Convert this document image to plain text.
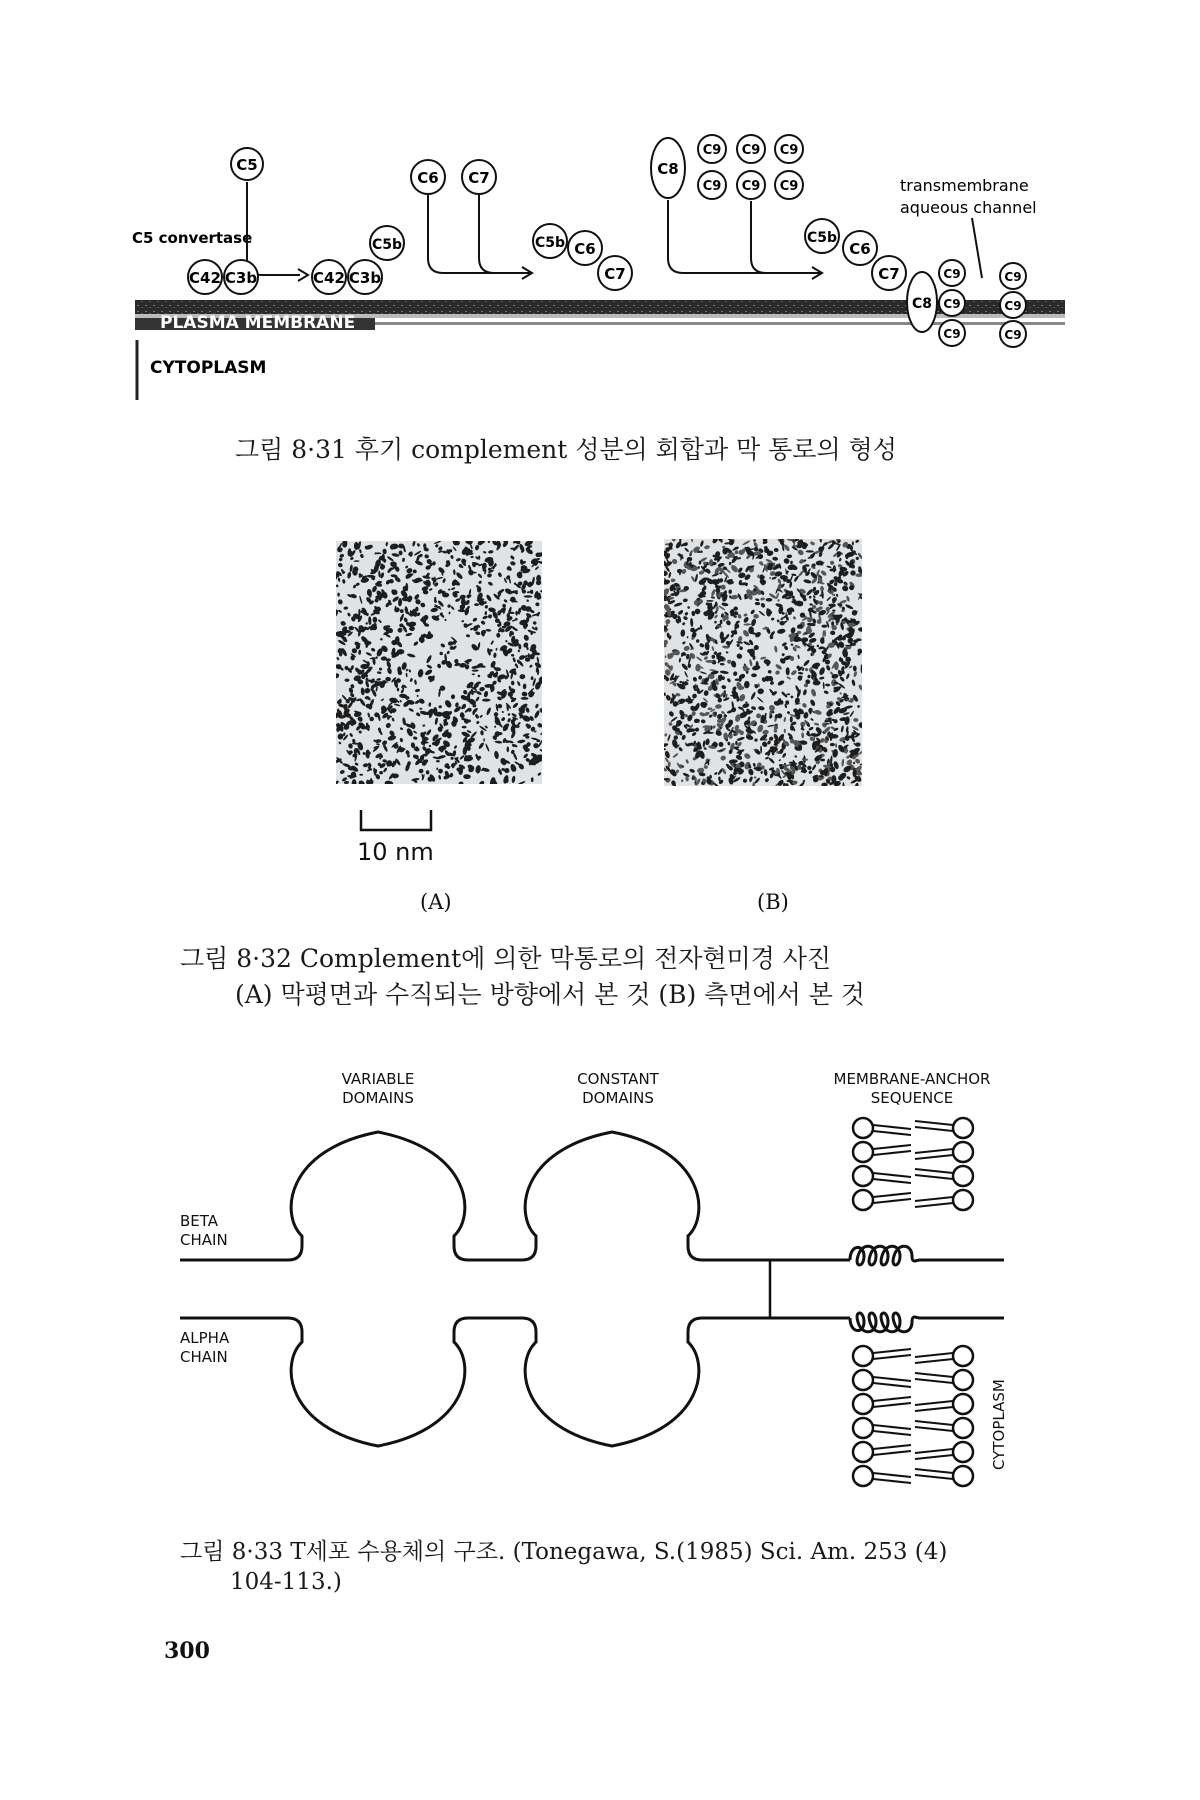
PLASMA MEMBRANE
CYTOPLASM
C5
C5 convertase
C42 C3b	C42 C3b
C5b
C6 C7
C5b C6
C7
C8
C9 C9 C9
C9 C9 C9
C5b
C6
C7
C8
C9
C9
C9
C9
C9
C9
transmembrane
aqueous channel
그림 8·31 후기 complement 성분의 회합과 막 통로의 형성
10 nm
(A)	(B)
그림 8·32 Complement에 의한 막통로의 전자현미경 사진
(A) 막평면과 수직되는 방향에서 본 것 (B) 측면에서 본 것
VARIABLE
DOMAINS
CONSTANT
DOMAINS
MEMBRANE-ANCHOR
SEQUENCE
BETA
CHAIN
ALPHA
CHAIN
CYTOPLASM
그림 8·33 T세포 수용체의 구조. (Tonegawa, S.(1985) Sci. Am. 253 (4)
104-113.)
300
